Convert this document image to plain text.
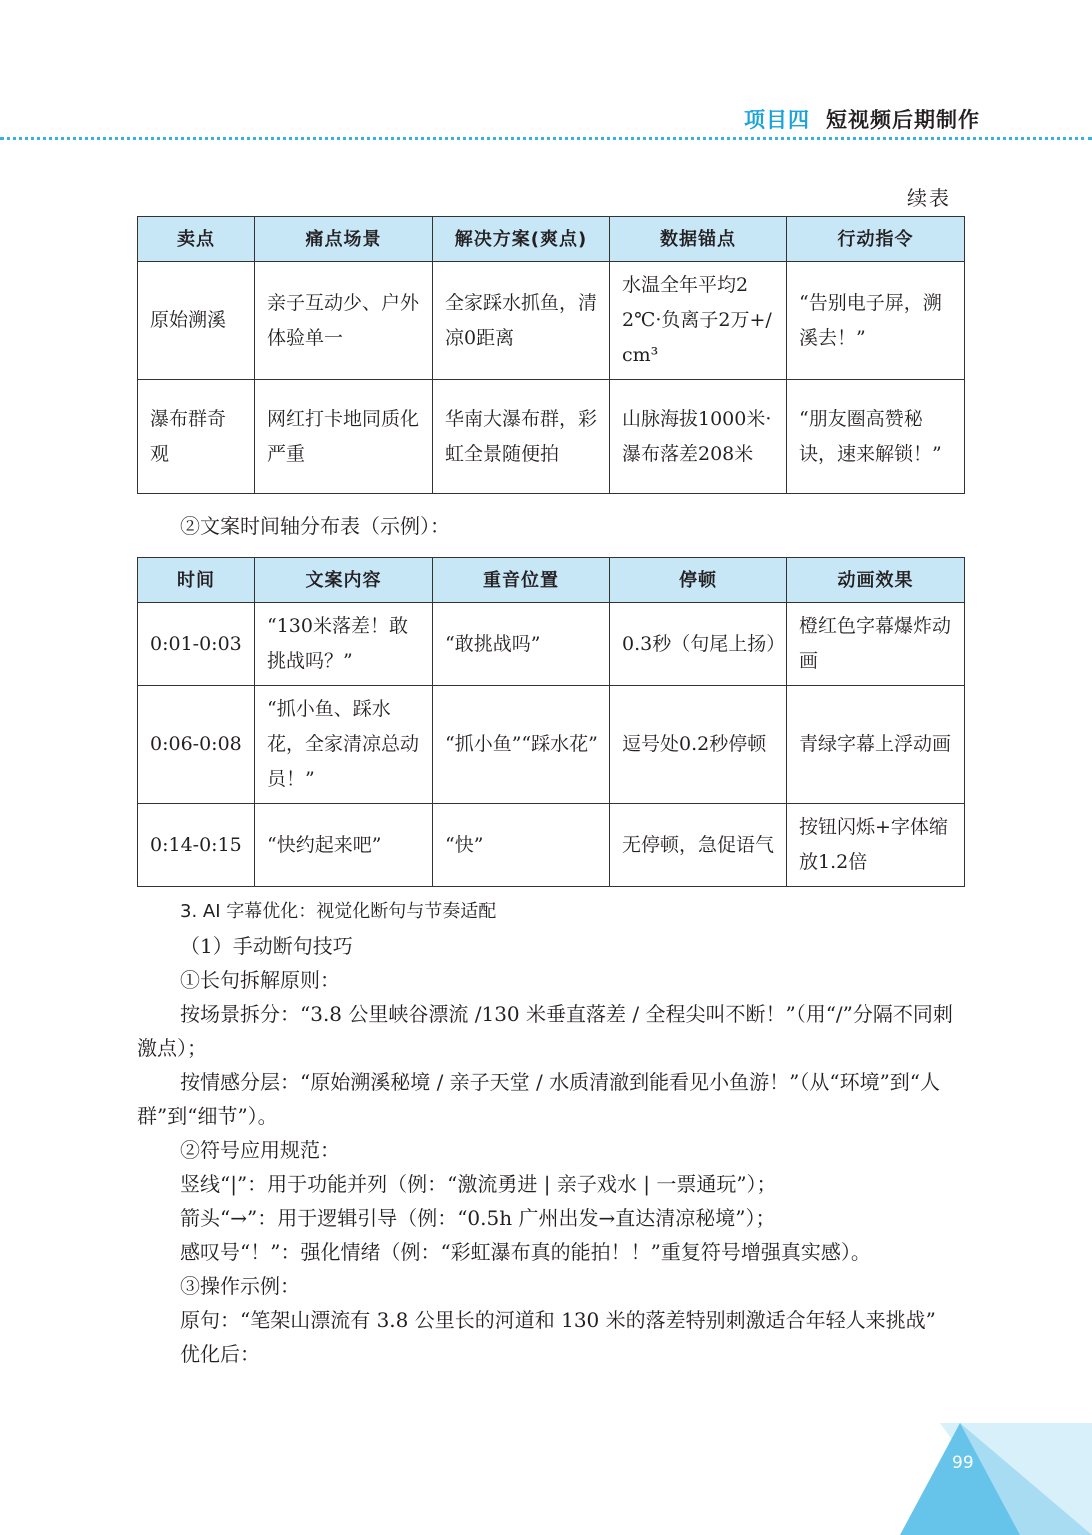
项目四 短视频后期制作
续表
卖点	痛点场景	解决方案(爽点)	数据锚点	行动指令
原始溯溪	亲子互动少、户外体验单一	全家踩水抓鱼，清凉0距离	水温全年平均22℃·负离子2万+/cm³	“告别电子屏，溯溪去！”
瀑布群奇观	网红打卡地同质化严重	华南大瀑布群，彩虹全景随便拍	山脉海拔1000米·瀑布落差208米	“朋友圈高赞秘诀，速来解锁！”

②文案时间轴分布表（示例）：

时间	文案内容	重音位置	停顿	动画效果
0:01-0:03	“130米落差！敢挑战吗？”	“敢挑战吗”	0.3秒（句尾上扬）	橙红色字幕爆炸动画
0:06-0:08	“抓小鱼、踩水花，全家清凉总动员！”	“抓小鱼”“踩水花”	逗号处0.2秒停顿	青绿字幕上浮动画
0:14-0:15	“快约起来吧”	“快”	无停顿，急促语气	按钮闪烁+字体缩放1.2倍

3. AI 字幕优化：视觉化断句与节奏适配

（1）手动断句技巧

①长句拆解原则：

按场景拆分：“3.8 公里峡谷漂流 /130 米垂直落差 / 全程尖叫不断！”（用“/”分隔不同刺激点）；

按情感分层：“原始溯溪秘境 / 亲子天堂 / 水质清澈到能看见小鱼游！”（从“环境”到“人群”到“细节”）。

②符号应用规范：

竖线“|”：用于功能并列（例：“激流勇进 | 亲子戏水 | 一票通玩”）；

箭头“→”：用于逻辑引导（例：“0.5h 广州出发→直达清凉秘境”）；

感叹号“！”：强化情绪（例：“彩虹瀑布真的能拍！！”重复符号增强真实感）。

③操作示例：

原句：“笔架山漂流有 3.8 公里长的河道和 130 米的落差特别刺激适合年轻人来挑战”

优化后：

99
